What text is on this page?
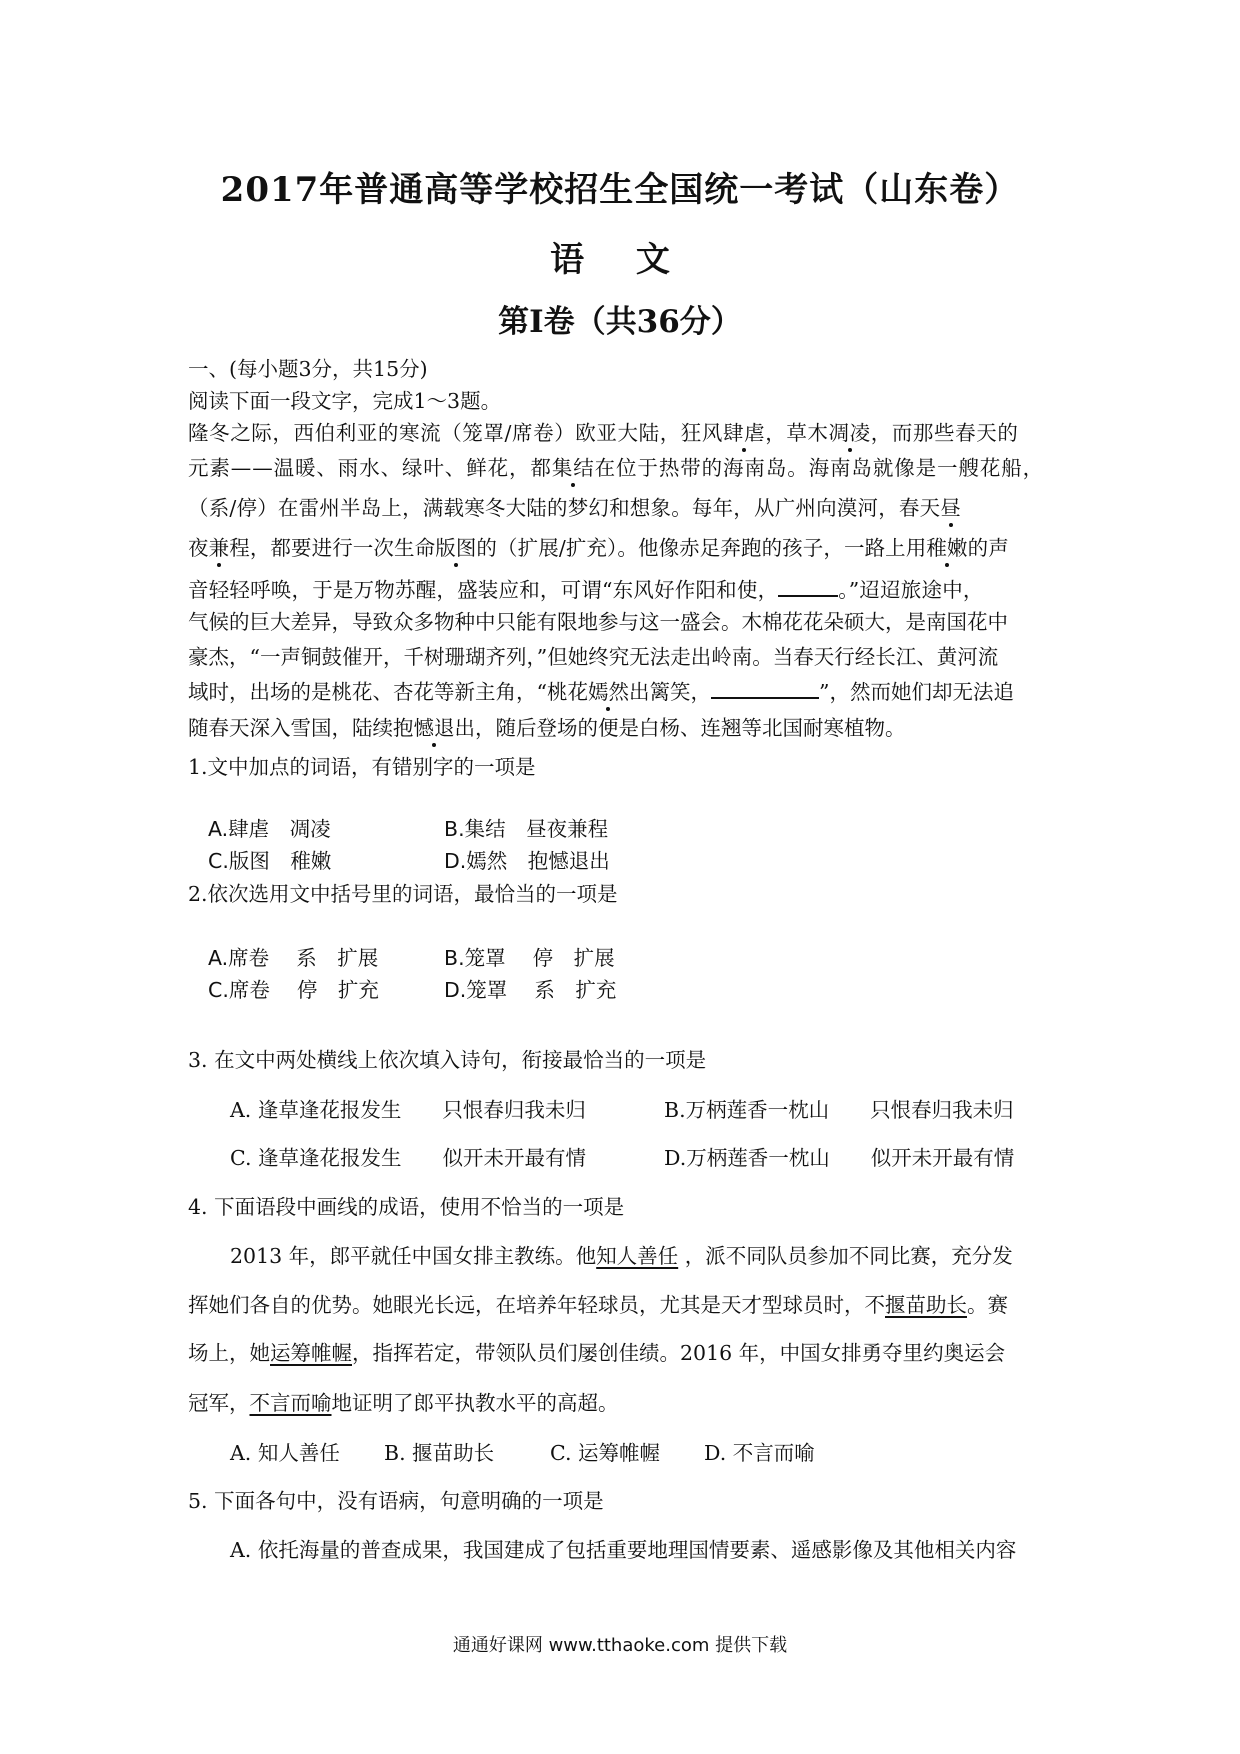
2017年普通高等学校招生全国统一考试（山东卷）
语 文
第I卷（共36分）
一、(每小题3分，共15分)
阅读下面一段文字，完成1～3题。
隆冬之际，西伯利亚的寒流（笼罩/席卷）欧亚大陆，狂风肆虐，草木凋凌，而那些春天的
元素——温暖、雨水、绿叶、鲜花，都集结在位于热带的海南岛。海南岛就像是一艘花船，
（系/停）在雷州半岛上，满载寒冬大陆的梦幻和想象。每年，从广州向漠河，春天昼
夜兼程，都要进行一次生命版图的（扩展/扩充）。他像赤足奔跑的孩子，一路上用稚嫩的声
音轻轻呼唤，于是万物苏醒，盛装应和，可谓“东风好作阳和使，	。”迢迢旅途中，
气候的巨大差异，导致众多物种中只能有限地参与这一盛会。木棉花花朵硕大，是南国花中
豪杰，“一声铜鼓催开，千树珊瑚齐列，”但她终究无法走出岭南。当春天行经长江、黄河流
域时，出场的是桃花、杏花等新主角，“桃花嫣然出篱笑，	”，然而她们却无法追
随春天深入雪国，陆续抱憾退出，随后登场的便是白杨、连翘等北国耐寒植物。
1.文中加点的词语，有错别字的一项是
A.肆虐　凋凌	B.集结　昼夜兼程
C.版图　稚嫩	D.嫣然　抱憾退出
2.依次选用文中括号里的词语，最恰当的一项是
A.席卷　 系　扩展	B.笼罩　 停　扩展
C.席卷　 停　扩充	D.笼罩　 系　扩充
3. 在文中两处横线上依次填入诗句，衔接最恰当的一项是
A. 逢草逢花报发生　　只恨春归我未归	B.万柄莲香一枕山　　只恨春归我未归
C. 逢草逢花报发生　　似开未开最有情	D.万柄莲香一枕山　　似开未开最有情
4. 下面语段中画线的成语，使用不恰当的一项是
2013 年，郎平就任中国女排主教练。他知人善任 ，派不同队员参加不同比赛，充分发
挥她们各自的优势。她眼光长远，在培养年轻球员，尤其是天才型球员时，不揠苗助长。赛
场上，她运筹帷幄，指挥若定，带领队员们屡创佳绩。2016 年，中国女排勇夺里约奥运会
冠军，不言而喻地证明了郎平执教水平的高超。
A. 知人善任 B. 揠苗助长	C. 运筹帷幄 D. 不言而喻
5. 下面各句中，没有语病，句意明确的一项是
A. 依托海量的普查成果，我国建成了包括重要地理国情要素、遥感影像及其他相关内容
通通好课网 www.tthaoke.com 提供下载
